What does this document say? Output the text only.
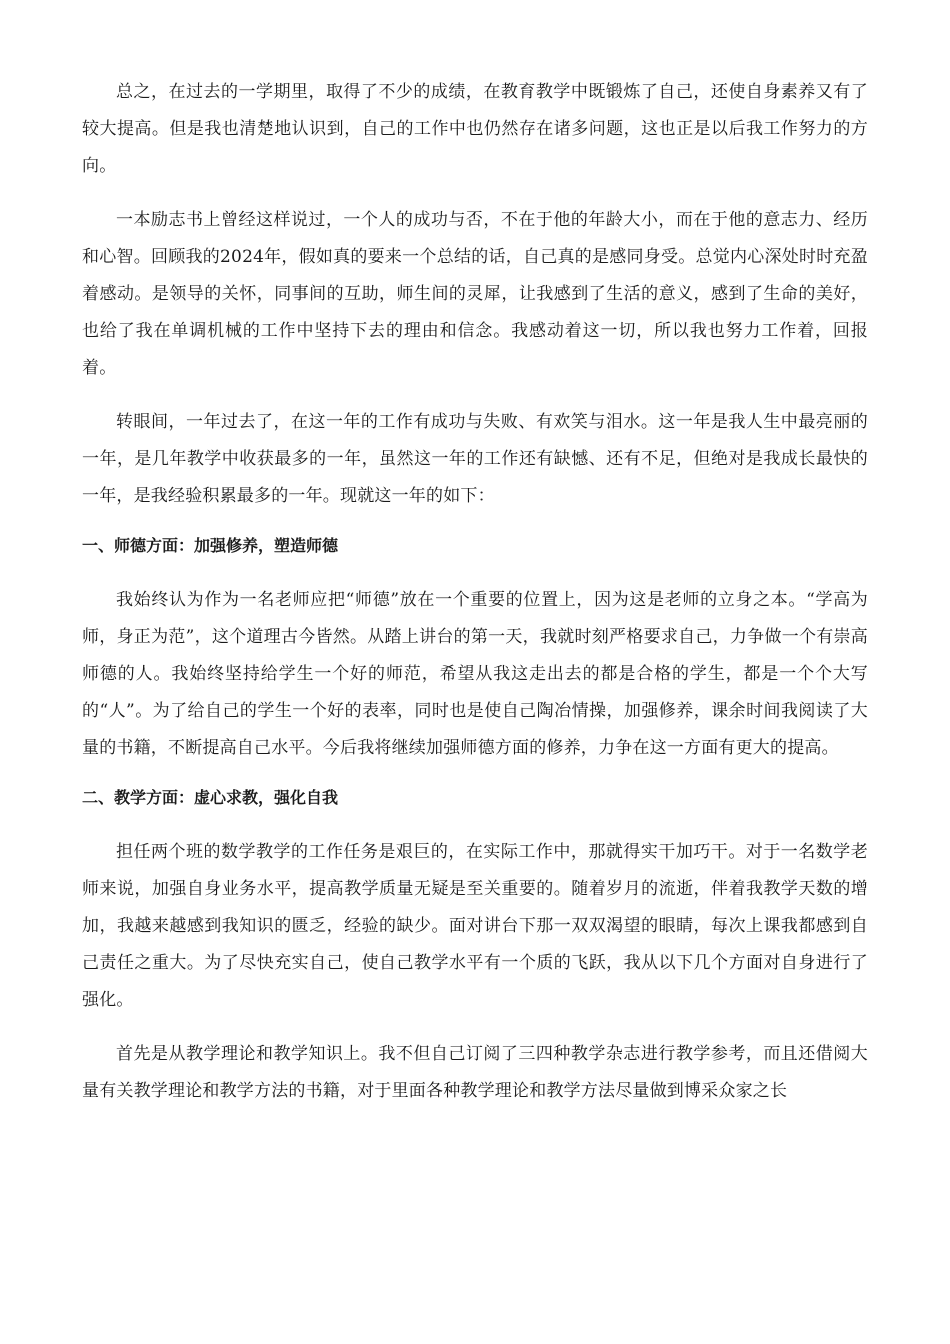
总之，在过去的一学期里，取得了不少的成绩，在教育教学中既锻炼了自己，还使自身素养又有了较大提高。但是我也清楚地认识到，自己的工作中也仍然存在诸多问题，这也正是以后我工作努力的方向。

一本励志书上曾经这样说过，一个人的成功与否，不在于他的年龄大小，而在于他的意志力、经历和心智。回顾我的2024年，假如真的要来一个总结的话，自己真的是感同身受。总觉内心深处时时充盈着感动。是领导的关怀，同事间的互助，师生间的灵犀，让我感到了生活的意义，感到了生命的美好，也给了我在单调机械的工作中坚持下去的理由和信念。我感动着这一切，所以我也努力工作着，回报着。

转眼间，一年过去了，在这一年的工作有成功与失败、有欢笑与泪水。这一年是我人生中最亮丽的一年，是几年教学中收获最多的一年，虽然这一年的工作还有缺憾、还有不足，但绝对是我成长最快的一年，是我经验积累最多的一年。现就这一年的如下：

一、师德方面：加强修养，塑造师德

我始终认为作为一名老师应把“师德”放在一个重要的位置上，因为这是老师的立身之本。“学高为师，身正为范”，这个道理古今皆然。从踏上讲台的第一天，我就时刻严格要求自己，力争做一个有崇高师德的人。我始终坚持给学生一个好的师范，希望从我这走出去的都是合格的学生，都是一个个大写的“人”。为了给自己的学生一个好的表率，同时也是使自己陶冶情操，加强修养，课余时间我阅读了大量的书籍，不断提高自己水平。今后我将继续加强师德方面的修养，力争在这一方面有更大的提高。

二、教学方面：虚心求教，强化自我

担任两个班的数学教学的工作任务是艰巨的，在实际工作中，那就得实干加巧干。对于一名数学老师来说，加强自身业务水平，提高教学质量无疑是至关重要的。随着岁月的流逝，伴着我教学天数的增加，我越来越感到我知识的匮乏，经验的缺少。面对讲台下那一双双渴望的眼睛，每次上课我都感到自己责任之重大。为了尽快充实自己，使自己教学水平有一个质的飞跃，我从以下几个方面对自身进行了强化。

首先是从教学理论和教学知识上。我不但自己订阅了三四种教学杂志进行教学参考，而且还借阅大量有关教学理论和教学方法的书籍，对于里面各种教学理论和教学方法尽量做到博采众家之长
